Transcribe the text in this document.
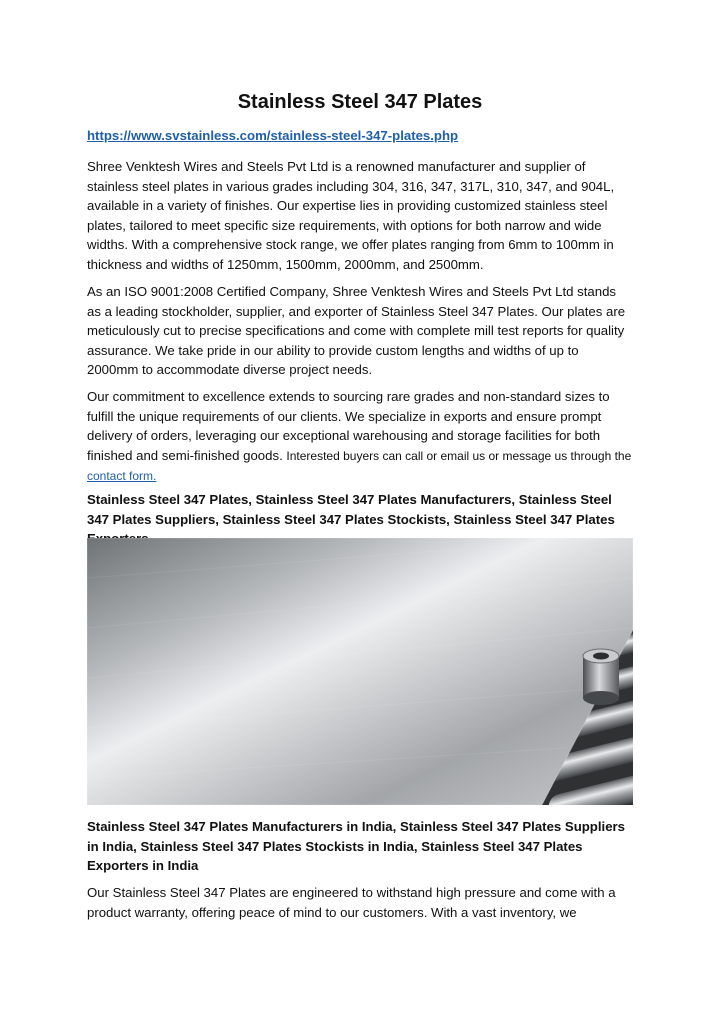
Stainless Steel 347 Plates
https://www.svstainless.com/stainless-steel-347-plates.php

Shree Venktesh Wires and Steels Pvt Ltd is a renowned manufacturer and supplier of stainless steel plates in various grades including 304, 316, 347, 317L, 310, 347, and 904L, available in a variety of finishes. Our expertise lies in providing customized stainless steel plates, tailored to meet specific size requirements, with options for both narrow and wide widths. With a comprehensive stock range, we offer plates ranging from 6mm to 100mm in thickness and widths of 1250mm, 1500mm, 2000mm, and 2500mm.

As an ISO 9001:2008 Certified Company, Shree Venktesh Wires and Steels Pvt Ltd stands as a leading stockholder, supplier, and exporter of Stainless Steel 347 Plates. Our plates are meticulously cut to precise specifications and come with complete mill test reports for quality assurance. We take pride in our ability to provide custom lengths and widths of up to 2000mm to accommodate diverse project needs.

Our commitment to excellence extends to sourcing rare grades and non-standard sizes to fulfill the unique requirements of our clients. We specialize in exports and ensure prompt delivery of orders, leveraging our exceptional warehousing and storage facilities for both finished and semi-finished goods. Interested buyers can call or email us or message us through the contact form.

Stainless Steel 347 Plates, Stainless Steel 347 Plates Manufacturers, Stainless Steel 347 Plates Suppliers, Stainless Steel 347 Plates Stockists, Stainless Steel 347 Plates

Stainless Steel 347 Plates Manufacturers in India, Stainless Steel 347 Plates Suppliers in India, Stainless Steel 347 Plates Stockists in India, Stainless Steel 347 Plates Exporters in India

Our Stainless Steel 347 Plates are engineered to withstand high pressure and come with a product warranty, offering peace of mind to our customers. With a vast inventory, we
